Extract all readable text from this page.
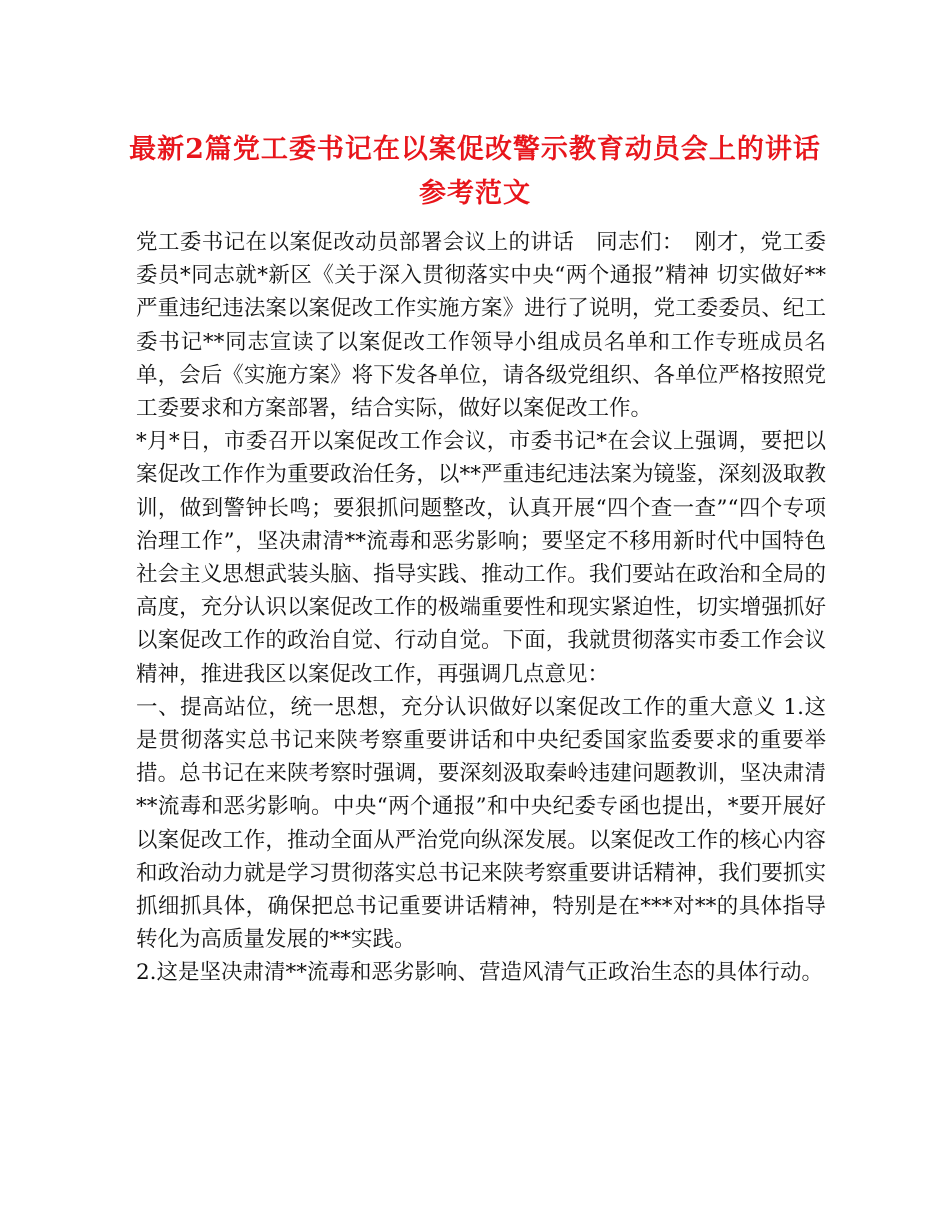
最新2篇党工委书记在以案促改警示教育动员会上的讲话参考范文

党工委书记在以案促改动员部署会议上的讲话　同志们：　刚才，党工委委员*同志就*新区《关于深入贯彻落实中央“两个通报”精神 切实做好**严重违纪违法案以案促改工作实施方案》进行了说明，党工委委员、纪工委书记**同志宣读了以案促改工作领导小组成员名单和工作专班成员名单，会后《实施方案》将下发各单位，请各级党组织、各单位严格按照党工委要求和方案部署，结合实际，做好以案促改工作。

*月*日，市委召开以案促改工作会议，市委书记*在会议上强调，要把以案促改工作作为重要政治任务，以**严重违纪违法案为镜鉴，深刻汲取教训，做到警钟长鸣；要狠抓问题整改，认真开展“四个查一查”“四个专项治理工作”，坚决肃清**流毒和恶劣影响；要坚定不移用新时代中国特色社会主义思想武装头脑、指导实践、推动工作。我们要站在政治和全局的高度，充分认识以案促改工作的极端重要性和现实紧迫性，切实增强抓好以案促改工作的政治自觉、行动自觉。下面，我就贯彻落实市委工作会议精神，推进我区以案促改工作，再强调几点意见：

一、提高站位，统一思想，充分认识做好以案促改工作的重大意义 1.这是贯彻落实总书记来陕考察重要讲话和中央纪委国家监委要求的重要举措。总书记在来陕考察时强调，要深刻汲取秦岭违建问题教训，坚决肃清**流毒和恶劣影响。中央“两个通报”和中央纪委专函也提出，*要开展好以案促改工作，推动全面从严治党向纵深发展。以案促改工作的核心内容和政治动力就是学习贯彻落实总书记来陕考察重要讲话精神，我们要抓实抓细抓具体，确保把总书记重要讲话精神，特别是在***对**的具体指导转化为高质量发展的**实践。

2.这是坚决肃清**流毒和恶劣影响、营造风清气正政治生态的具体行动。
